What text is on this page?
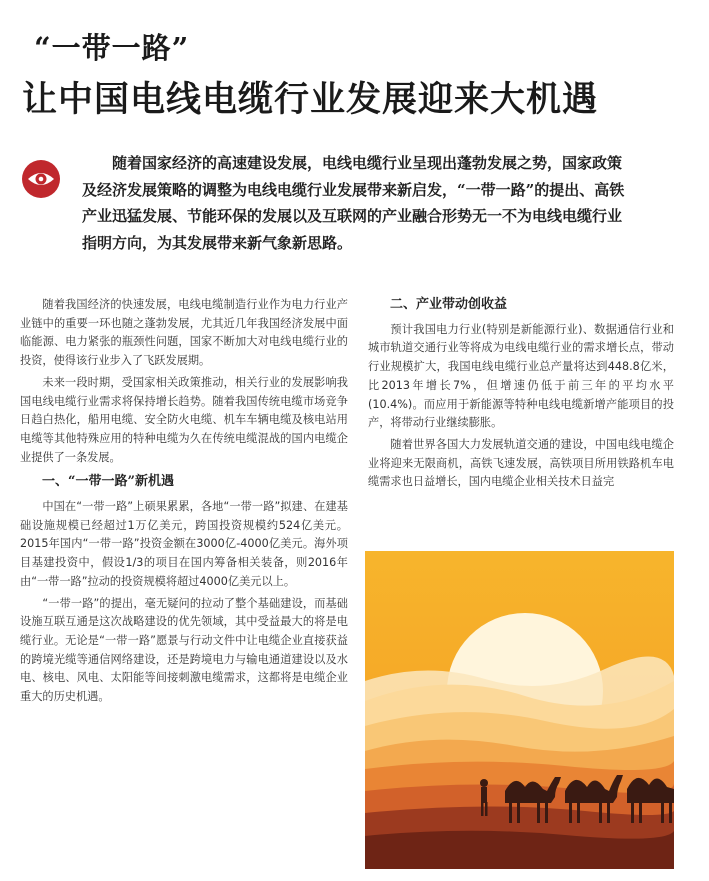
“一带一路”
让中国电线电缆行业发展迎来大机遇
随着国家经济的高速建设发展，电线电缆行业呈现出蓬勃发展之势，国家政策及经济发展策略的调整为电线电缆行业发展带来新启发，“一带一路”的提出、高铁产业迅猛发展、节能环保的发展以及互联网的产业融合形势无一不为电线电缆行业指明方向，为其发展带来新气象新思路。

随着我国经济的快速发展，电线电缆制造行业作为电力行业产业链中的重要一环也随之蓬勃发展，尤其近几年我国经济发展中面临能源、电力紧张的瓶颈性问题，国家不断加大对电线电缆行业的投资，使得该行业步入了飞跃发展期。

未来一段时期，受国家相关政策推动，相关行业的发展影响我国电线电缆行业需求将保持增长趋势。随着我国传统电缆市场竞争日趋白热化，船用电缆、安全防火电缆、机车车辆电缆及核电站用电缆等其他特殊应用的特种电缆为久在传统电缆混战的国内电缆企业提供了一条发展。

一、“一带一路”新机遇

中国在“一带一路”上硕果累累，各地“一带一路”拟建、在建基础设施规模已经超过1万亿美元，跨国投资规模约524亿美元。2015年国内“一带一路”投资金额在3000亿-4000亿美元。海外项目基建投资中，假设1/3的项目在国内筹备相关装备，则2016年由“一带一路”拉动的投资规模将超过4000亿美元以上。

“一带一路”的提出，毫无疑问的拉动了整个基础建设，而基础设施互联互通是这次战略建设的优先领域，其中受益最大的将是电缆行业。无论是“一带一路”愿景与行动文件中让电缆企业直接获益的跨境光缆等通信网络建设，还是跨境电力与输电通道建设以及水电、核电、风电、太阳能等间接刺激电缆需求，这都将是电缆企业重大的历史机遇。

二、产业带动创收益

预计我国电力行业(特别是新能源行业)、数据通信行业和城市轨道交通行业等将成为电线电缆行业的需求增长点，带动行业规模扩大，我国电线电缆行业总产量将达到448.8亿米，比2013年增长7%，但增速仍低于前三年的平均水平(10.4%)。而应用于新能源等特种电线电缆新增产能项目的投产，将带动行业继续膨胀。

随着世界各国大力发展轨道交通的建设，中国电线电缆企业将迎来无限商机，高铁飞速发展，高铁项目所用铁路机车电缆需求也日益增长，国内电缆企业相关技术日益完
